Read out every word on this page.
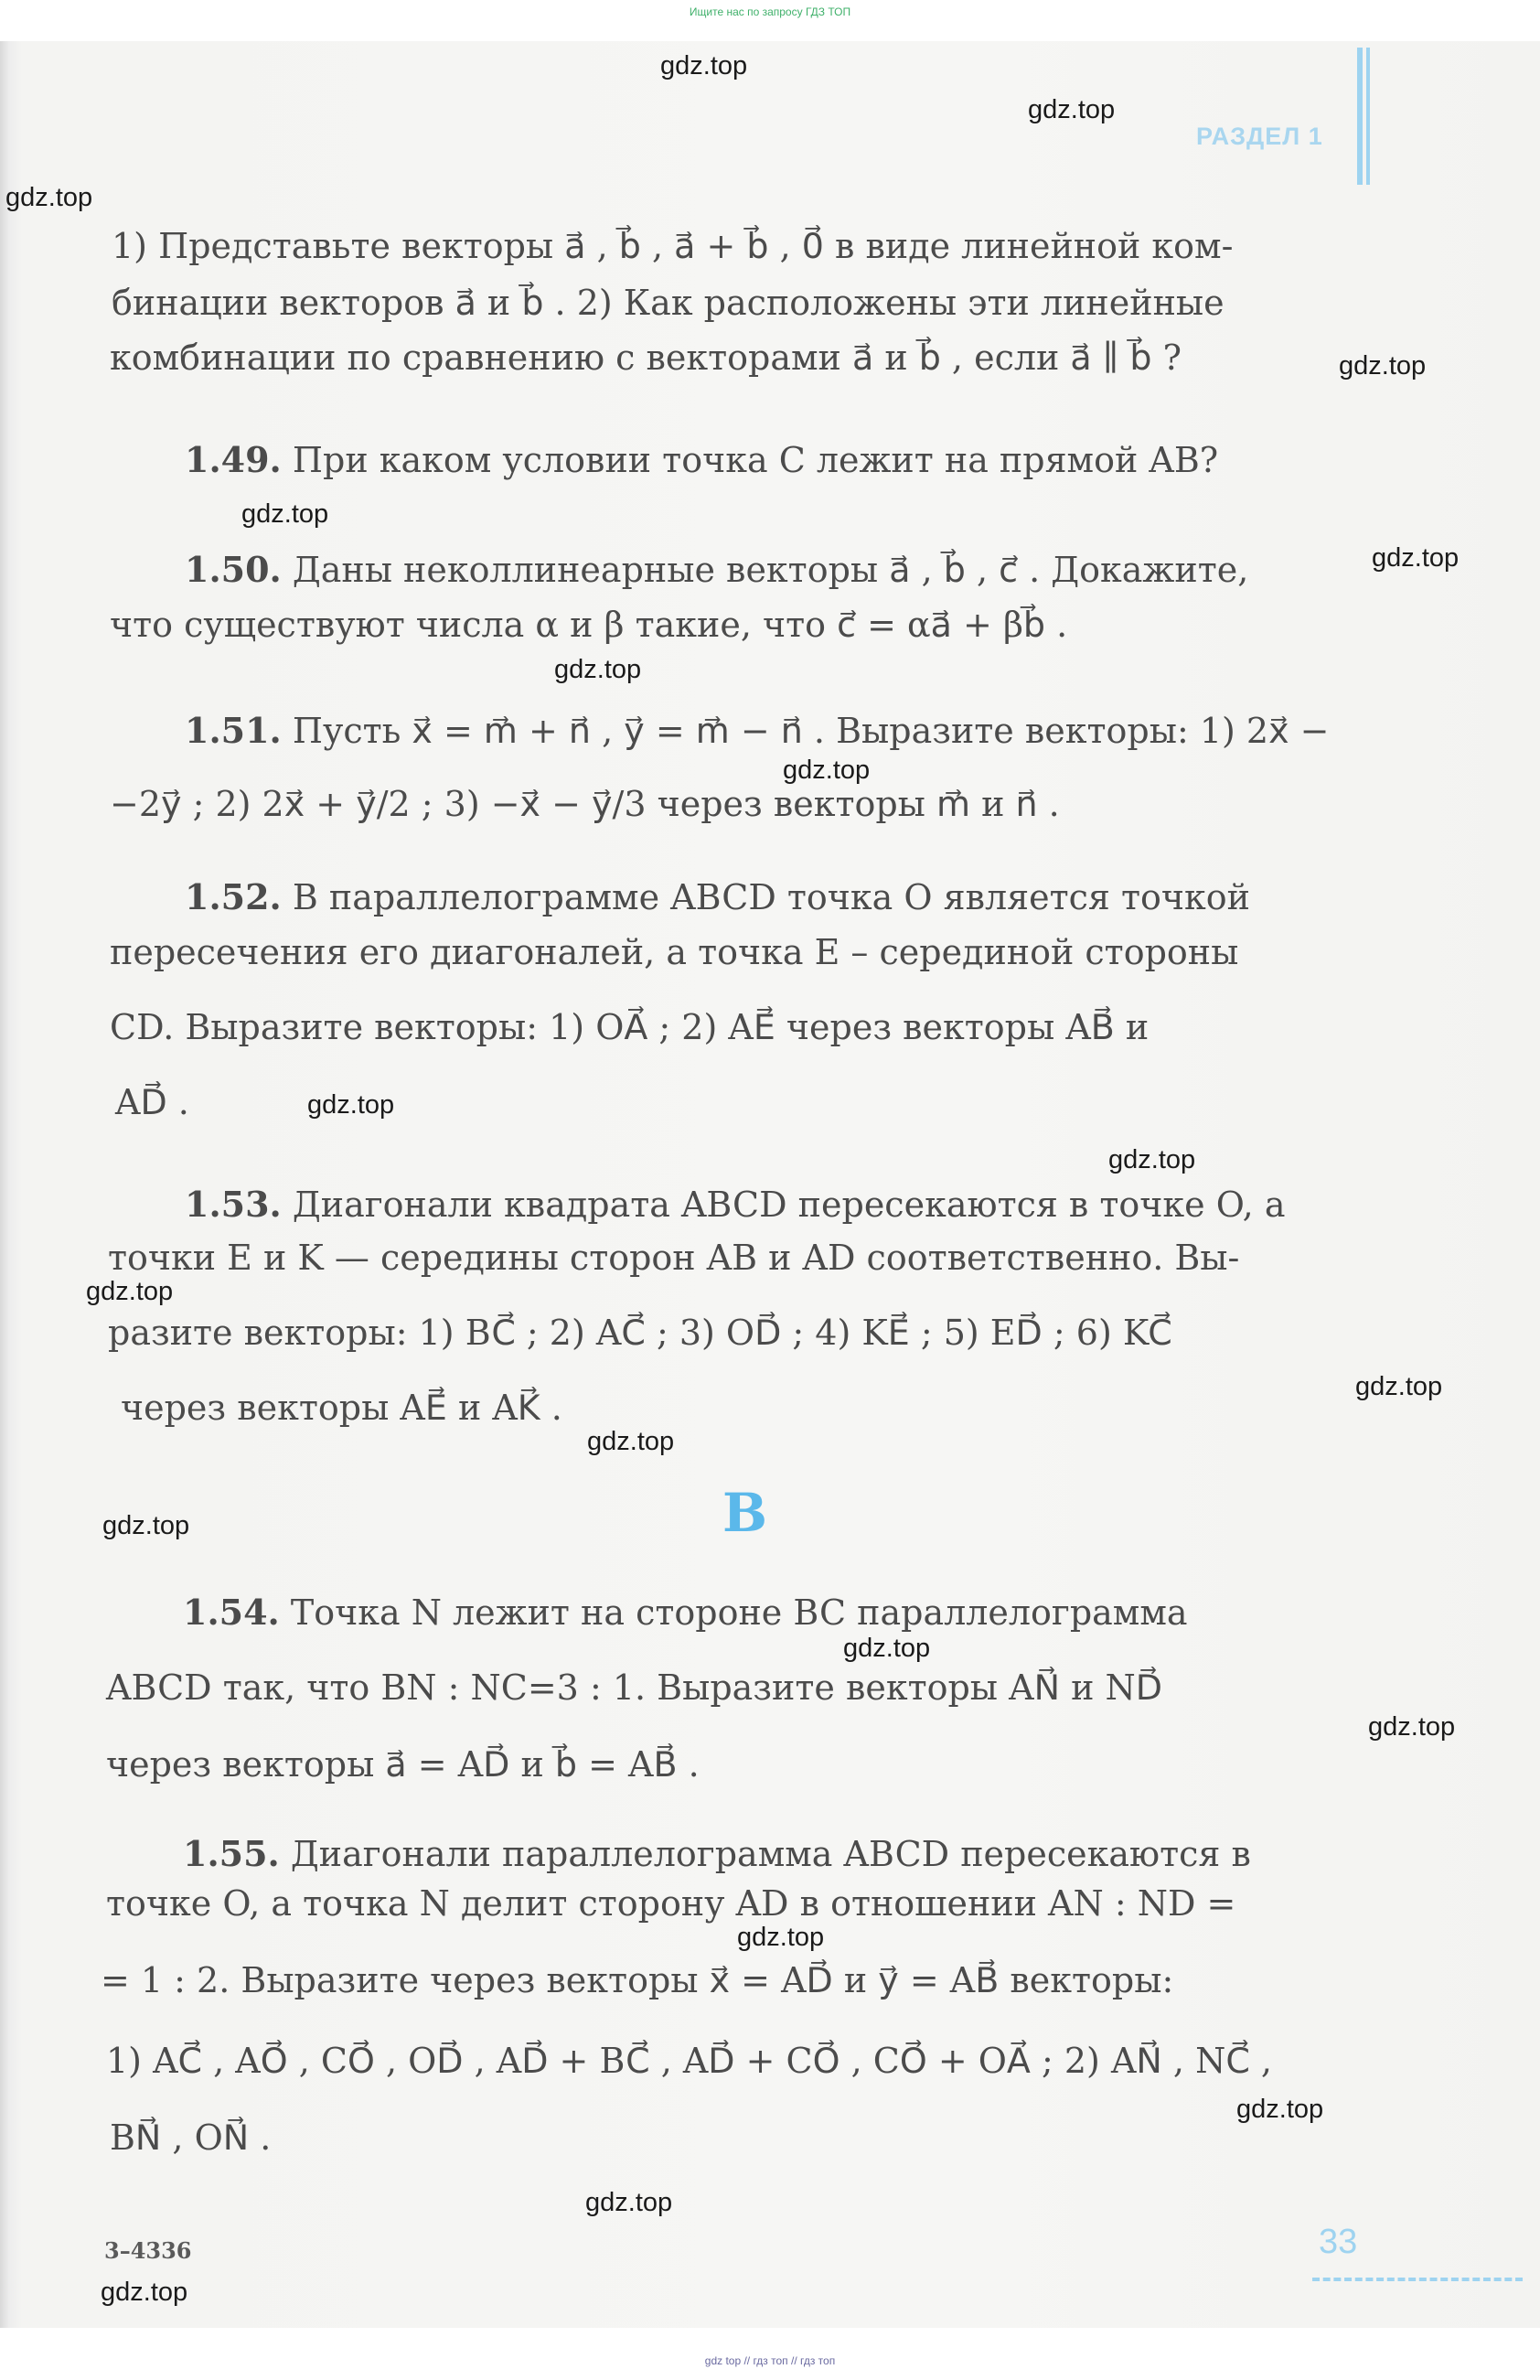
Ищите нас по запросу ГДЗ ТОП
РАЗДЕЛ 1
gdz.top
gdz.top
gdz.top
gdz.top
gdz.top
gdz.top
gdz.top
gdz.top
gdz.top
gdz.top
gdz.top
gdz.top
gdz.top
gdz.top
gdz.top
gdz.top
gdz.top
gdz.top
gdz.top
gdz.top
1) Представьте векторы a⃗ , b⃗ , a⃗ + b⃗ , 0⃗ в виде линейной ком-
бинации векторов a⃗ и b⃗ . 2) Как расположены эти линейные
комбинации по сравнению с векторами a⃗ и b⃗ , если a⃗ ∥ b⃗ ?
1.49. При каком условии точка C лежит на прямой AB?
1.50. Даны неколлинеарные векторы a⃗ , b⃗ , c⃗ . Докажите,
что существуют числа α и β такие, что c⃗ = αa⃗ + βb⃗ .
1.51. Пусть x⃗ = m⃗ + n⃗ , y⃗ = m⃗ − n⃗ . Выразите векторы: 1) 2x⃗ −
−2y⃗ ; 2) 2x⃗ + y⃗/2 ; 3) −x⃗ − y⃗/3 через векторы m⃗ и n⃗ .
1.52. В параллелограмме ABCD точка O является точкой
пересечения его диагоналей, а точка E – серединой стороны
CD. Выразите векторы: 1) OA⃗ ; 2) AE⃗ через векторы AB⃗ и
AD⃗ .
1.53. Диагонали квадрата ABCD пересекаются в точке O, а
точки E и K — середины сторон AB и AD соответственно. Вы-
разите векторы: 1) BC⃗ ; 2) AC⃗ ; 3) OD⃗ ; 4) KE⃗ ; 5) ED⃗ ; 6) KC⃗
через векторы AE⃗ и AK⃗ .
B
1.54. Точка N лежит на стороне BC параллелограмма
ABCD так, что BN : NC=3 : 1. Выразите векторы AN⃗ и ND⃗
через векторы a⃗ = AD⃗ и b⃗ = AB⃗ .
1.55. Диагонали параллелограмма ABCD пересекаются в
точке O, а точка N делит сторону AD в отношении AN : ND =
= 1 : 2. Выразите через векторы x⃗ = AD⃗ и y⃗ = AB⃗ векторы:
1) AC⃗ , AO⃗ , CO⃗ , OD⃗ , AD⃗ + BC⃗ , AD⃗ + CO⃗ , CO⃗ + OA⃗ ; 2) AN⃗ , NC⃗ ,
BN⃗ , ON⃗ .
3–4336	33
gdz top // гдз топ // гдз топ
